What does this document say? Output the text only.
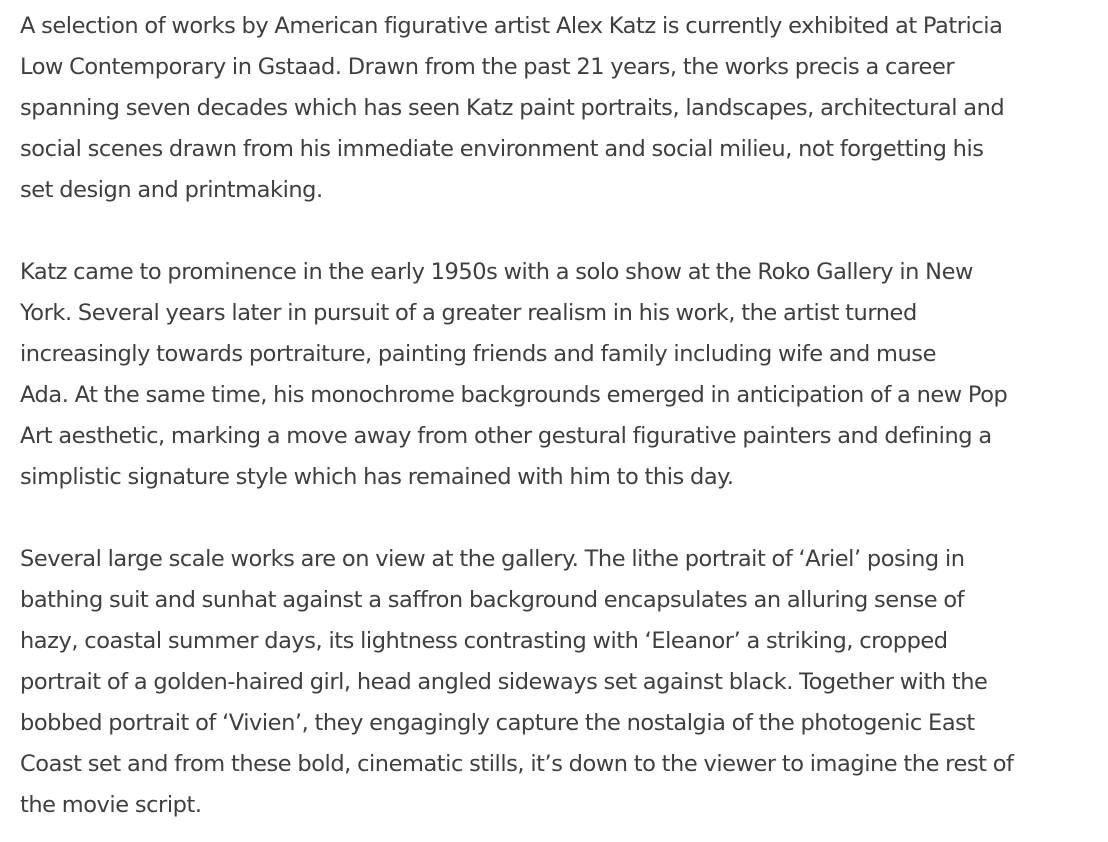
A selection of works by American figurative artist Alex Katz is currently exhibited at Patricia
Low Contemporary in Gstaad. Drawn from the past 21 years, the works precis a career
spanning seven decades which has seen Katz paint portraits, landscapes, architectural and
social scenes drawn from his immediate environment and social milieu, not forgetting his
set design and printmaking.

Katz came to prominence in the early 1950s with a solo show at the Roko Gallery in New
York. Several years later in pursuit of a greater realism in his work, the artist turned
increasingly towards portraiture, painting friends and family including wife and muse
Ada. At the same time, his monochrome backgrounds emerged in anticipation of a new Pop
Art aesthetic, marking a move away from other gestural figurative painters and defining a
simplistic signature style which has remained with him to this day.

Several large scale works are on view at the gallery. The lithe portrait of ‘Ariel’ posing in
bathing suit and sunhat against a saffron background encapsulates an alluring sense of
hazy, coastal summer days, its lightness contrasting with ‘Eleanor’ a striking, cropped
portrait of a golden-haired girl, head angled sideways set against black. Together with the
bobbed portrait of ‘Vivien’, they engagingly capture the nostalgia of the photogenic East
Coast set and from these bold, cinematic stills, it’s down to the viewer to imagine the rest of
the movie script.
